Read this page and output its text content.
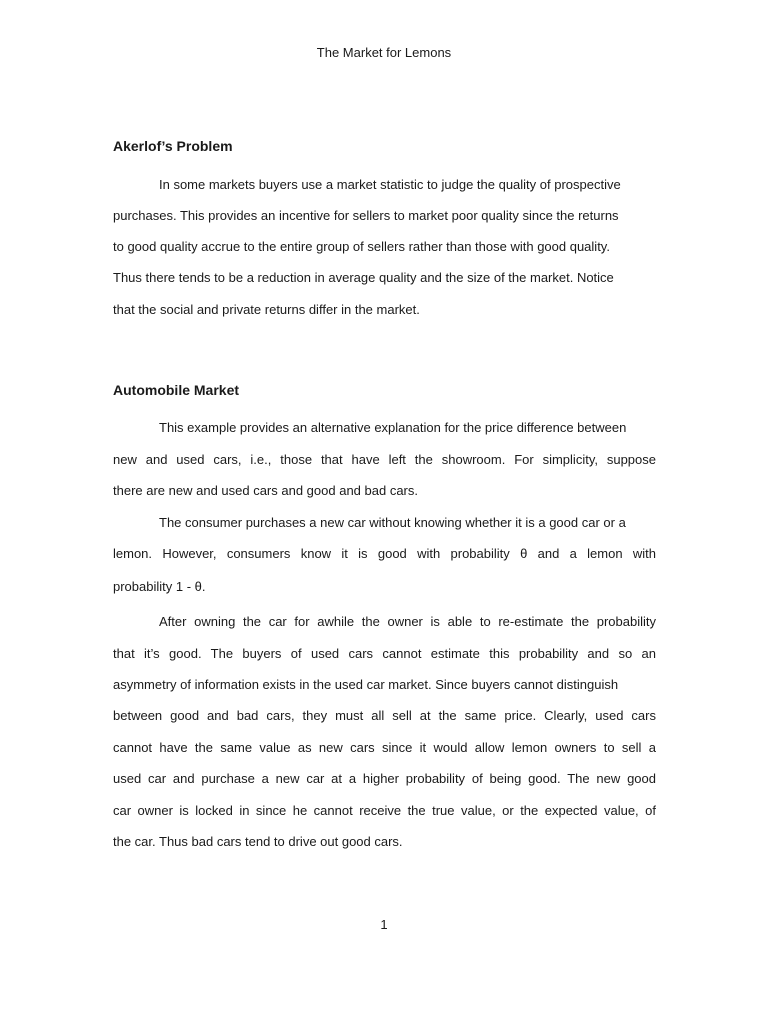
The Market for Lemons
Akerlof’s Problem
In some markets buyers use a market statistic to judge the quality of prospective
purchases. This provides an incentive for sellers to market poor quality since the returns
to good quality accrue to the entire group of sellers rather than those with good quality.
Thus there tends to be a reduction in average quality and the size of the market. Notice
that the social and private returns differ in the market.
Automobile Market
This example provides an alternative explanation for the price difference between
new and used cars, i.e., those that have left the showroom. For simplicity, suppose
there are new and used cars and good and bad cars.
The consumer purchases a new car without knowing whether it is a good car or a
lemon. However, consumers know it is good with probability θ and a lemon with
probability 1 - θ.
After owning the car for awhile the owner is able to re-estimate the probability
that it’s good. The buyers of used cars cannot estimate this probability and so an
asymmetry of information exists in the used car market. Since buyers cannot distinguish
between good and bad cars, they must all sell at the same price. Clearly, used cars
cannot have the same value as new cars since it would allow lemon owners to sell a
used car and purchase a new car at a higher probability of being good. The new good
car owner is locked in since he cannot receive the true value, or the expected value, of
the car. Thus bad cars tend to drive out good cars.
1
